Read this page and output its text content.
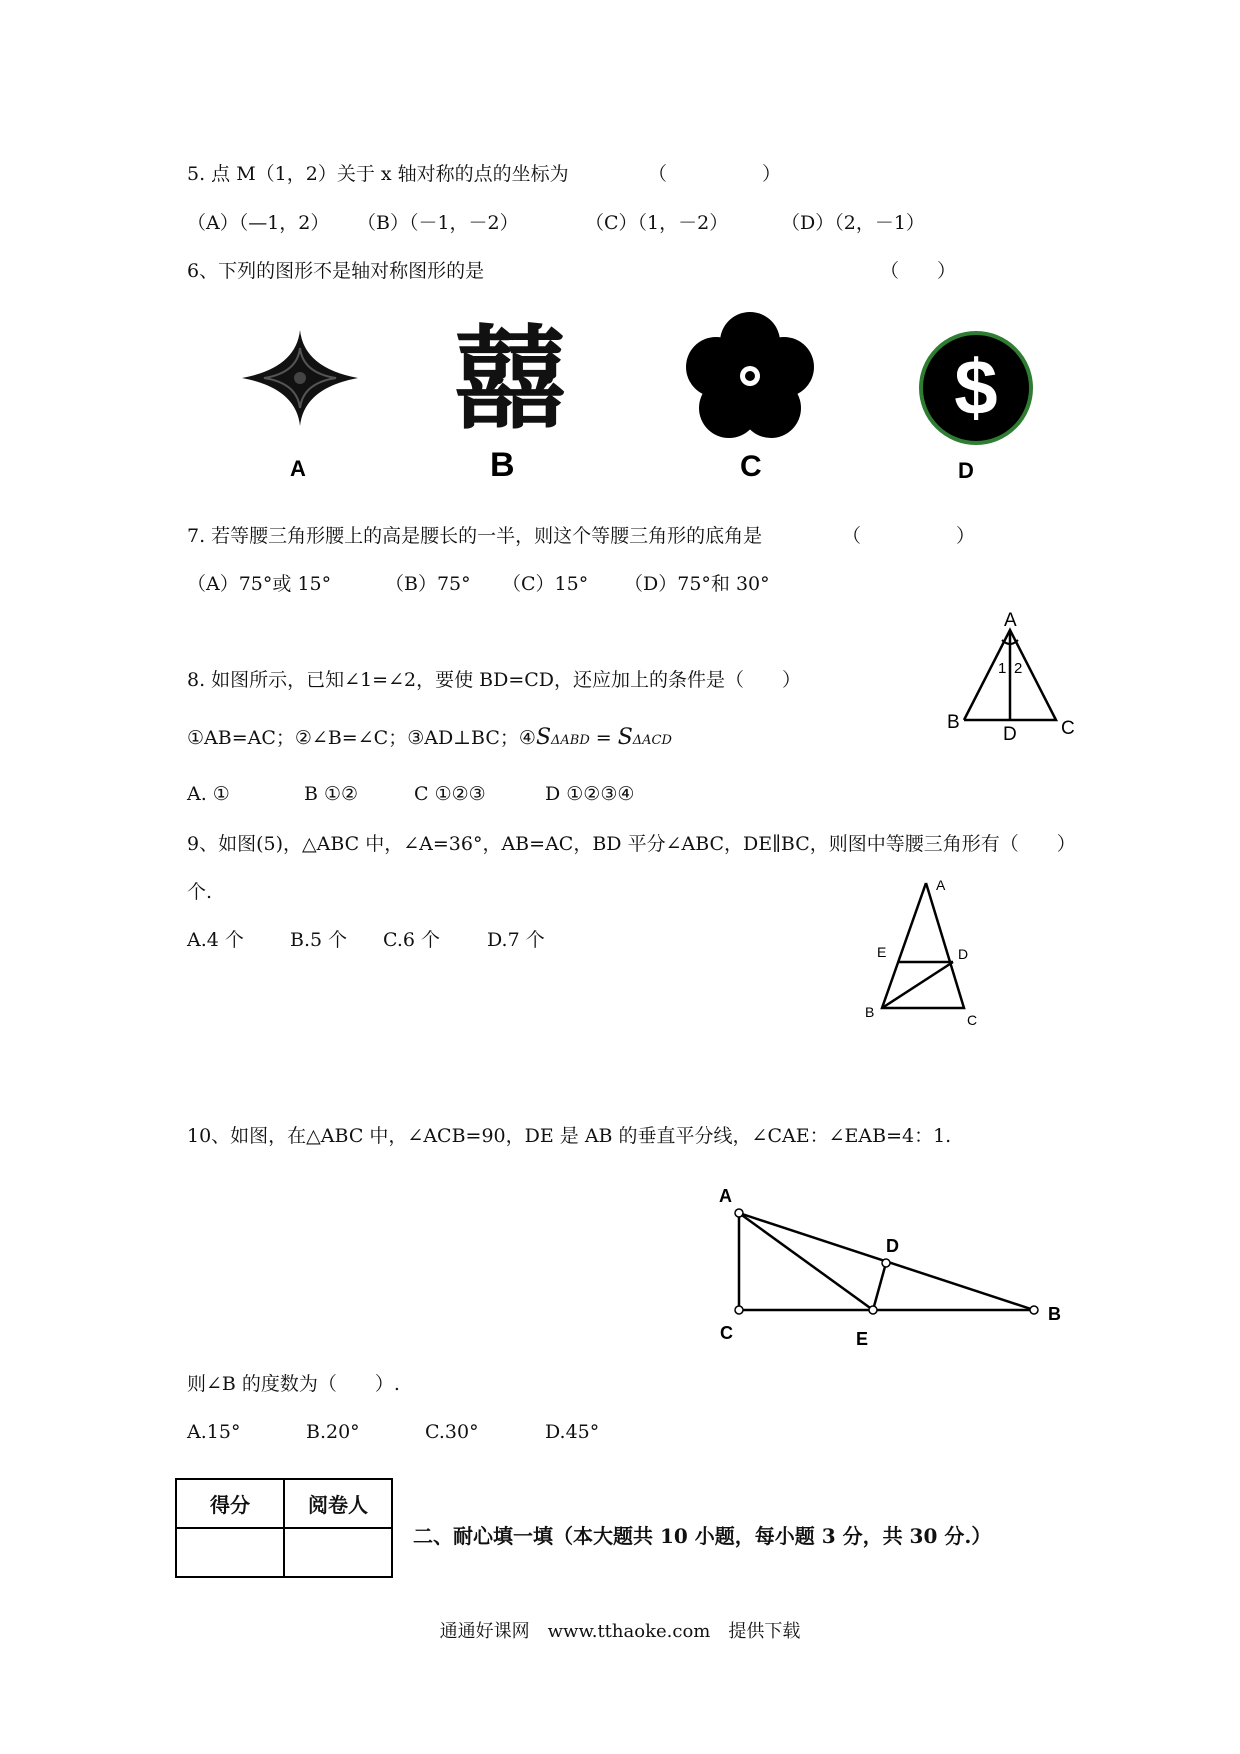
5. 点 M（1，2）关于 x 轴对称的点的坐标为	（　　　　　）
（A）（—1，2） （B）（－1，－2）	（C）（1，－2）	（D）（2，－1）
6、下列的图形不是轴对称图形的是	（　　）
A
囍
B	C
$
D
7. 若等腰三角形腰上的高是腰长的一半，则这个等腰三角形的底角是	（　　　　　）
（A）75°或 15°	（B）75° （C）15° （D）75°和 30°
8. 如图所示，已知∠1=∠2，要使 BD=CD，还应加上的条件是（　　）
①AB=AC；②∠B=∠C；③AD⊥BC；④SΔABD = SΔACD
A. ①	B ①②	C ①②③	D ①②③④
A
B	C
D
1 2
9、如图(5)，△ABC 中，∠A=36°，AB=AC，BD 平分∠ABC，DE∥BC，则图中等腰三角形有（　　）
个.
A.4 个 B.5 个 C.6 个 D.7 个
A
E	D
B	C
10、如图，在△ABC 中，∠ACB=90，DE 是 AB 的垂直平分线，∠CAE：∠EAB=4：1.
A
C
B
D
E
则∠B 的度数为（　　）.
A.15°	B.20°	C.30°	D.45°
得分	阅卷人

二、耐心填一填（本大题共 10 小题，每小题 3 分，共 30 分.）
通通好课网　www.tthaoke.com　提供下载
